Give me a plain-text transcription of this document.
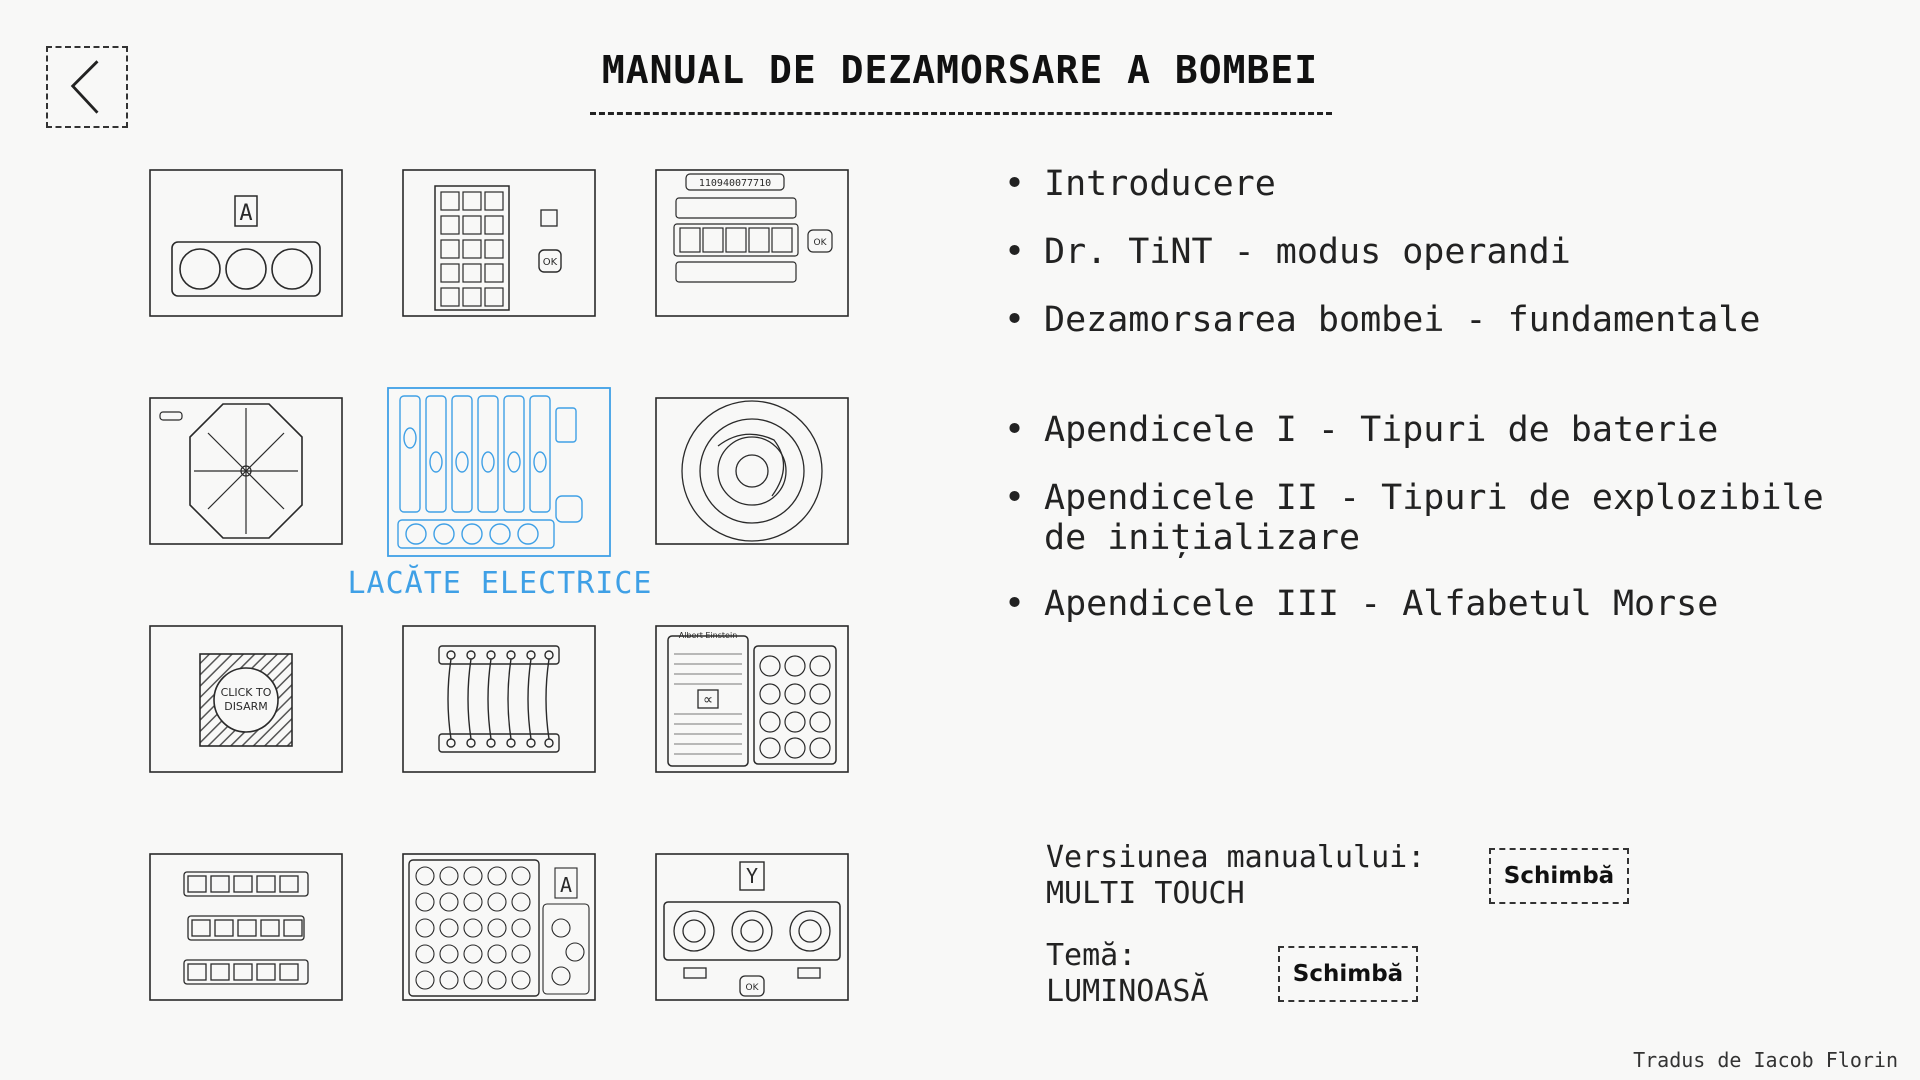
MANUAL DE DEZAMORSARE A BOMBEI
A
OK
110940077710
OK
CLICK TO
DISARM
Albert Einstein
∝
A	Y
OK
LACĂTE ELECTRICE
• Introducere
• Dr. TiNT - modus operandi
• Dezamorsarea bombei - fundamentale
• Apendicele I - Tipuri de baterie
• Apendicele II - Tipuri de explozibile de inițializare
• Apendicele III - Alfabetul Morse
Versiunea manualului:
MULTI TOUCH	Schimbă
Temă:
LUMINOASĂ	Schimbă
Tradus de Iacob Florin
